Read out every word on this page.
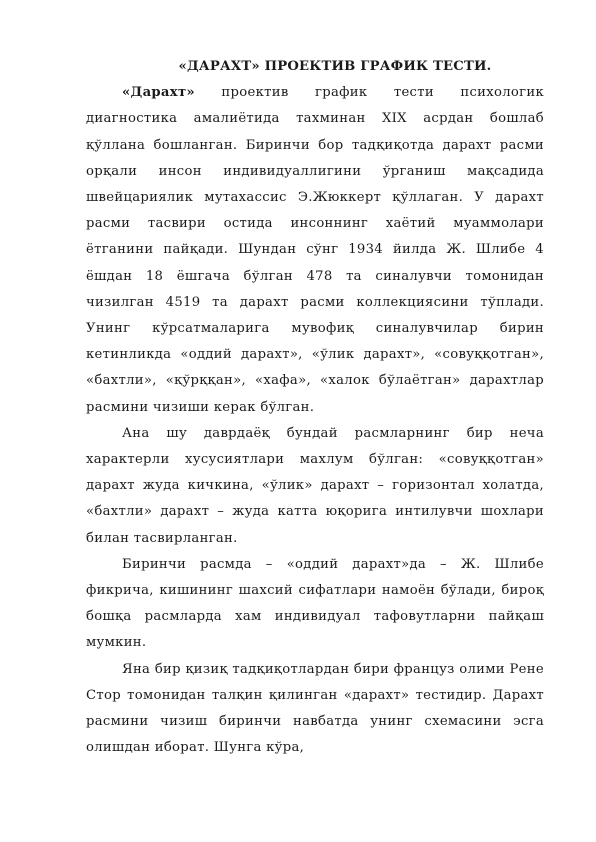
«ДАРАХТ» ПРОЕКТИВ ГРАФИК ТЕСТИ.

«Дарахт» проектив график тести психологик диагностика амалиётида тахминан XIX асрдан бошлаб қўллана бошланган. Биринчи бор тадқиқотда дарахт расми орқали инсон индивидуаллигини ўрганиш мақсадида швейцариялик мутахассис Э.Жюккерт қўллаган. У дарахт расми тасвири остида инсоннинг хаётий муаммолари ётганини пайқади. Шундан сўнг 1934 йилда Ж. Шлибе 4 ёшдан 18 ёшгача бўлган 478 та синалувчи томонидан чизилган 4519 та дарахт расми коллекциясини тўплади. Унинг кўрсатмаларига мувофиқ синалувчилар бирин кетинликда «оддий дарахт», «ўлик дарахт», «совуққотган», «бахтли», «қўрққан», «хафа», «халок бўлаётган» дарахтлар расмини чизиши керак бўлган.

Ана шу даврдаёқ бундай расмларнинг бир неча характерли хусусиятлари махлум бўлган: «совуққотган» дарахт жуда кичкина, «ўлик» дарахт – горизонтал холатда, «бахтли» дарахт – жуда катта юқорига интилувчи шохлари билан тасвирланган.

Биринчи расмда – «оддий дарахт»да – Ж. Шлибе фикрича, кишининг шахсий сифатлари намоён бўлади, бироқ бошқа расмларда хам индивидуал тафовутларни пайқаш мумкин.

Яна бир қизиқ тадқиқотлардан бири француз олими Рене Стор томонидан талқин қилинган «дарахт» тестидир. Дарахт расмини чизиш биринчи навбатда унинг схемасини эсга олишдан иборат. Шунга кўра,
